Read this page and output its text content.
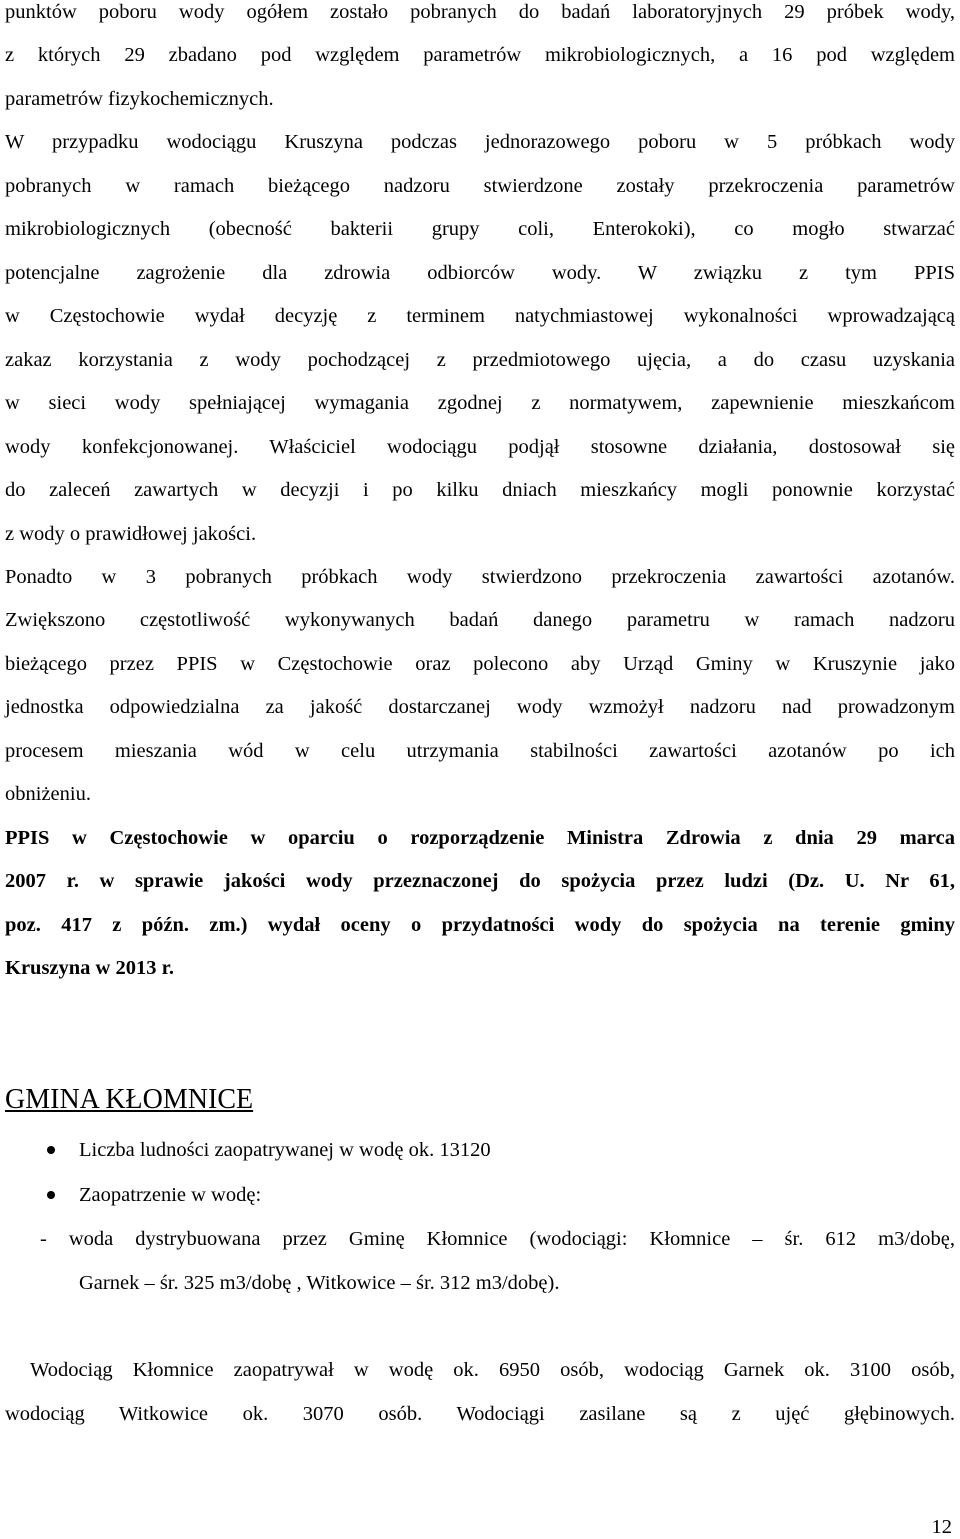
punktów poboru wody ogółem zostało pobranych do badań laboratoryjnych 29 próbek wody,
z których 29 zbadano pod względem parametrów mikrobiologicznych, a 16 pod względem
parametrów fizykochemicznych.
W przypadku wodociągu Kruszyna podczas jednorazowego poboru w 5 próbkach wody
pobranych w ramach bieżącego nadzoru stwierdzone zostały przekroczenia parametrów
mikrobiologicznych (obecność bakterii grupy coli, Enterokoki), co mogło stwarzać
potencjalne zagrożenie dla zdrowia odbiorców wody. W związku z tym PPIS
w Częstochowie wydał decyzję z terminem natychmiastowej wykonalności wprowadzającą
zakaz korzystania z wody pochodzącej z przedmiotowego ujęcia, a do czasu uzyskania
w sieci wody spełniającej wymagania zgodnej z normatywem, zapewnienie mieszkańcom
wody konfekcjonowanej. Właściciel wodociągu podjął stosowne działania, dostosował się
do zaleceń zawartych w decyzji i po kilku dniach mieszkańcy mogli ponownie korzystać
z wody o prawidłowej jakości.
Ponadto w 3 pobranych próbkach wody stwierdzono przekroczenia zawartości azotanów.
Zwiększono częstotliwość wykonywanych badań danego parametru w ramach nadzoru
bieżącego przez PPIS w Częstochowie oraz polecono aby Urząd Gminy w Kruszynie jako
jednostka odpowiedzialna za jakość dostarczanej wody wzmożył nadzoru nad prowadzonym
procesem mieszania wód w celu utrzymania stabilności zawartości azotanów po ich
obniżeniu.
PPIS w Częstochowie w oparciu o rozporządzenie Ministra Zdrowia z dnia 29 marca
2007 r. w sprawie jakości wody przeznaczonej do spożycia przez ludzi (Dz. U. Nr 61,
poz. 417 z późn. zm.) wydał oceny o przydatności wody do spożycia na terenie gminy
Kruszyna w 2013 r.
GMINA KŁOMNICE
Liczba ludności zaopatrywanej w wodę ok. 13120
Zaopatrzenie w wodę:
- woda dystrybuowana przez Gminę Kłomnice (wodociągi: Kłomnice – śr. 612 m3/dobę,
Garnek – śr. 325 m3/dobę , Witkowice – śr. 312 m3/dobę).
Wodociąg Kłomnice zaopatrywał w wodę ok. 6950 osób, wodociąg Garnek ok. 3100 osób,
wodociąg Witkowice ok. 3070 osób. Wodociągi zasilane są z ujęć głębinowych.
12
